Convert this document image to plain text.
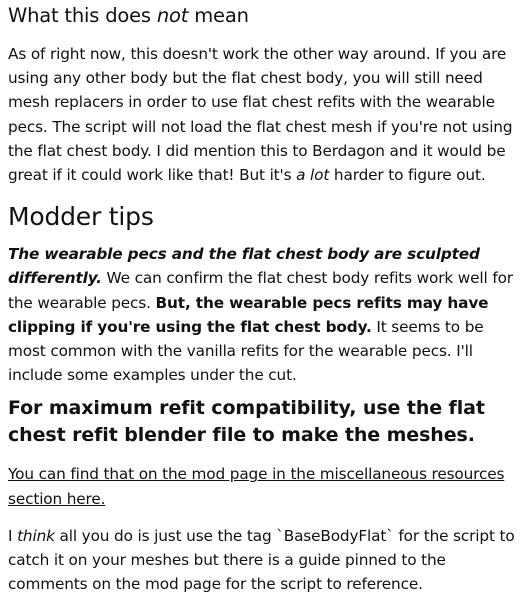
What this does not mean

As of right now, this doesn't work the other way around. If you are using any other body but the flat chest body, you will still need mesh replacers in order to use flat chest refits with the wearable pecs. The script will not load the flat chest mesh if you're not using the flat chest body. I did mention this to Berdagon and it would be great if it could work like that! But it's a lot harder to figure out.

Modder tips

The wearable pecs and the flat chest body are sculpted differently. We can confirm the flat chest body refits work well for the wearable pecs. But, the wearable pecs refits may have clipping if you're using the flat chest body. It seems to be most common with the vanilla refits for the wearable pecs. I'll include some examples under the cut.

For maximum refit compatibility, use the flat chest refit blender file to make the meshes.

You can find that on the mod page in the miscellaneous resources section here.

I think all you do is just use the tag `BaseBodyFlat` for the script to catch it on your meshes but there is a guide pinned to the comments on the mod page for the script to reference.
